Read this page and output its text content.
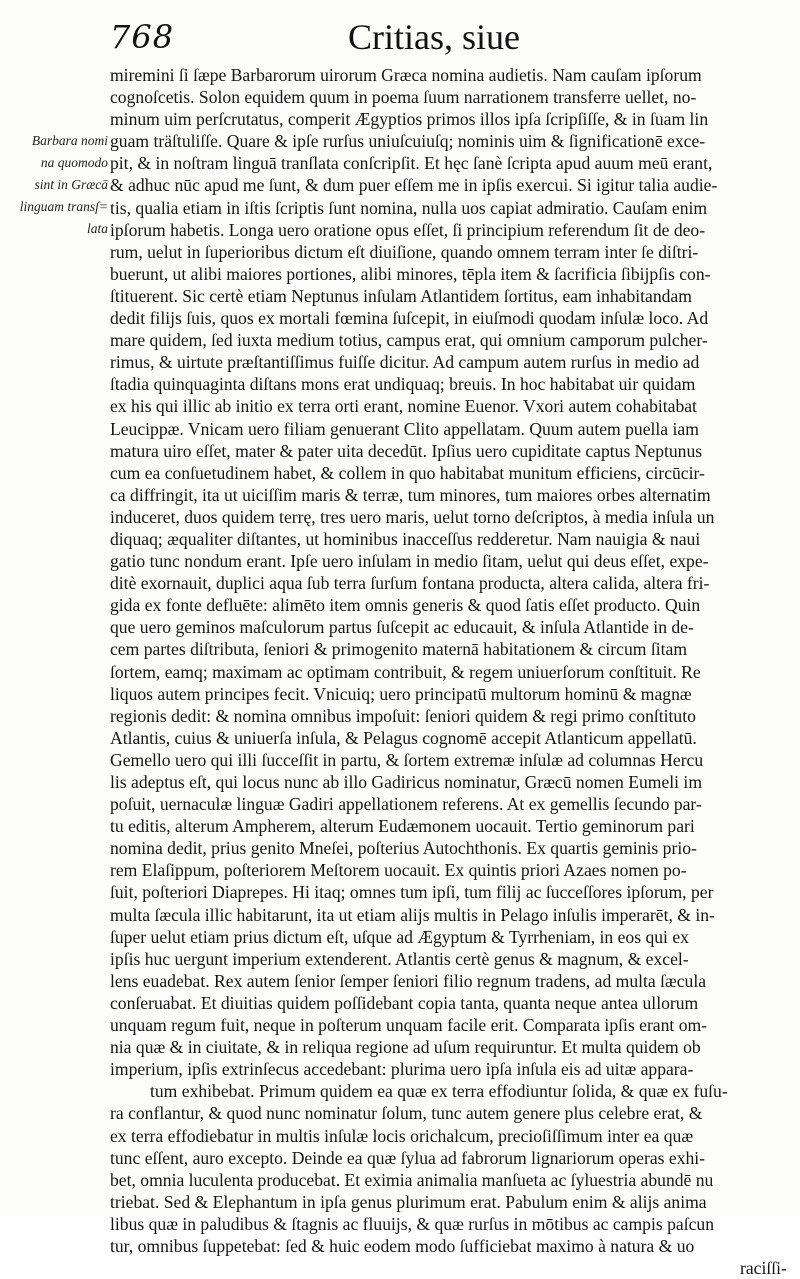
768	Critias, siue
Barbara nomi
na quomodo
sint in Græcā
linguam transſ=
lata
miremini ſi ſæpe Barbarorum uirorum Græca nomina audietis. Nam cauſam ipſorum
cognoſcetis. Solon equidem quum in poema ſuum narrationem transferre uellet, no-
minum uim perſcrutatus, comperit Ægyptios primos illos ipſa ſcripſiſſe, & in ſuam lin
guam träſtuliſſe. Quare & ipſe rurſus uniuſcuiuſq; nominis uim & ſignificationē exce-
pit, & in noſtram linguā tranſlata conſcripſit. Et hęc ſanè ſcripta apud auum meū erant,
& adhuc nūc apud me ſunt, & dum puer eſſem me in ipſis exercui. Si igitur talia audie-
tis, qualia etiam in iſtis ſcriptis ſunt nomina, nulla uos capiat admiratio. Cauſam enim
ipſorum habetis. Longa uero oratione opus eſſet, ſi principium referendum ſit de deo-
rum, uelut in ſuperioribus dictum eſt diuiſione, quando omnem terram inter ſe diſtri-
buerunt, ut alibi maiores portiones, alibi minores, tēpla item & ſacrificia ſibijpſis con-
ſtituerent. Sic certè etiam Neptunus inſulam Atlantidem ſortitus, eam inhabitandam
dedit filijs ſuis, quos ex mortali fœmina ſuſcepit, in eiuſmodi quodam inſulæ loco. Ad
mare quidem, ſed iuxta medium totius, campus erat, qui omnium camporum pulcher-
rimus, & uirtute præſtantiſſimus fuiſſe dicitur. Ad campum autem rurſus in medio ad
ſtadia quinquaginta diſtans mons erat undiquaq; breuis. In hoc habitabat uir quidam
ex his qui illic ab initio ex terra orti erant, nomine Euenor. Vxori autem cohabitabat
Leucippæ. Vnicam uero filiam genuerant Clito appellatam. Quum autem puella iam
matura uiro eſſet, mater & pater uita decedūt. Ipſius uero cupiditate captus Neptunus
cum ea conſuetudinem habet, & collem in quo habitabat munitum efficiens, circūcir-
ca diffringit, ita ut uiciſſim maris & terræ, tum minores, tum maiores orbes alternatim
induceret, duos quidem terrę, tres uero maris, uelut torno deſcriptos, à media inſula un
diquaq; æqualiter diſtantes, ut hominibus inacceſſus redderetur. Nam nauigia & naui
gatio tunc nondum erant. Ipſe uero inſulam in medio ſitam, uelut qui deus eſſet, expe-
ditè exornauit, duplici aqua ſub terra ſurſum fontana producta, altera calida, altera fri-
gida ex fonte defluēte: alimēto item omnis generis & quod ſatis eſſet producto. Quin
que uero geminos maſculorum partus ſuſcepit ac educauit, & inſula Atlantide in de-
cem partes diſtributa, ſeniori & primogenito maternā habitationem & circum ſitam
ſortem, eamq; maximam ac optimam contribuit, & regem uniuerſorum conſtituit. Re
liquos autem principes fecit. Vnicuiq; uero principatū multorum hominū & magnæ
regionis dedit: & nomina omnibus impoſuit: ſeniori quidem & regi primo conſtituto
Atlantis, cuius & uniuerſa inſula, & Pelagus cognomē accepit Atlanticum appellatū.
Gemello uero qui illi ſucceſſit in partu, & ſortem extremæ inſulæ ad columnas Hercu
lis adeptus eſt, qui locus nunc ab illo Gadiricus nominatur, Græcū nomen Eumeli im
poſuit, uernaculæ linguæ Gadiri appellationem referens. At ex gemellis ſecundo par-
tu editis, alterum Ampherem, alterum Eudæmonem uocauit. Tertio geminorum pari
nomina dedit, prius genito Mneſei, poſterius Autochthonis. Ex quartis geminis prio-
rem Elaſippum, poſteriorem Meſtorem uocauit. Ex quintis priori Azaes nomen po-
ſuit, poſteriori Diaprepes. Hi itaq; omnes tum ipſi, tum filij ac ſucceſſores ipſorum, per
multa ſæcula illic habitarunt, ita ut etiam alijs multis in Pelago inſulis imperarēt, & in-
ſuper uelut etiam prius dictum eſt, uſque ad Ægyptum & Tyrrheniam, in eos qui ex
ipſis huc uergunt imperium extenderent. Atlantis certè genus & magnum, & excel-
lens euadebat. Rex autem ſenior ſemper ſeniori filio regnum tradens, ad multa ſæcula
conſeruabat. Et diuitias quidem poſſidebant copia tanta, quanta neque antea ullorum
unquam regum fuit, neque in poſterum unquam facile erit. Comparata ipſis erant om-
nia quæ & in ciuitate, & in reliqua regione ad uſum requiruntur. Et multa quidem ob
imperium, ipſis extrinſecus accedebant: plurima uero ipſa inſula eis ad uitæ appara-
tum exhibebat. Primum quidem ea quæ ex terra effodiuntur ſolida, & quæ ex fuſu-
ra conflantur, & quod nunc nominatur ſolum, tunc autem genere plus celebre erat, &
ex terra effodiebatur in multis inſulæ locis orichalcum, precioſiſſimum inter ea quæ
tunc eſſent, auro excepto. Deinde ea quæ ſylua ad fabrorum lignariorum operas exhi-
bet, omnia luculenta producebat. Et eximia animalia manſueta ac ſyluestria abundē nu
triebat. Sed & Elephantum in ipſa genus plurimum erat. Pabulum enim & alijs anima
libus quæ in paludibus & ſtagnis ac fluuijs, & quæ rurſus in mōtibus ac campis paſcun
tur, omnibus ſuppetebat: ſed & huic eodem modo ſufficiebat maximo à natura & uo
raciſſi-
